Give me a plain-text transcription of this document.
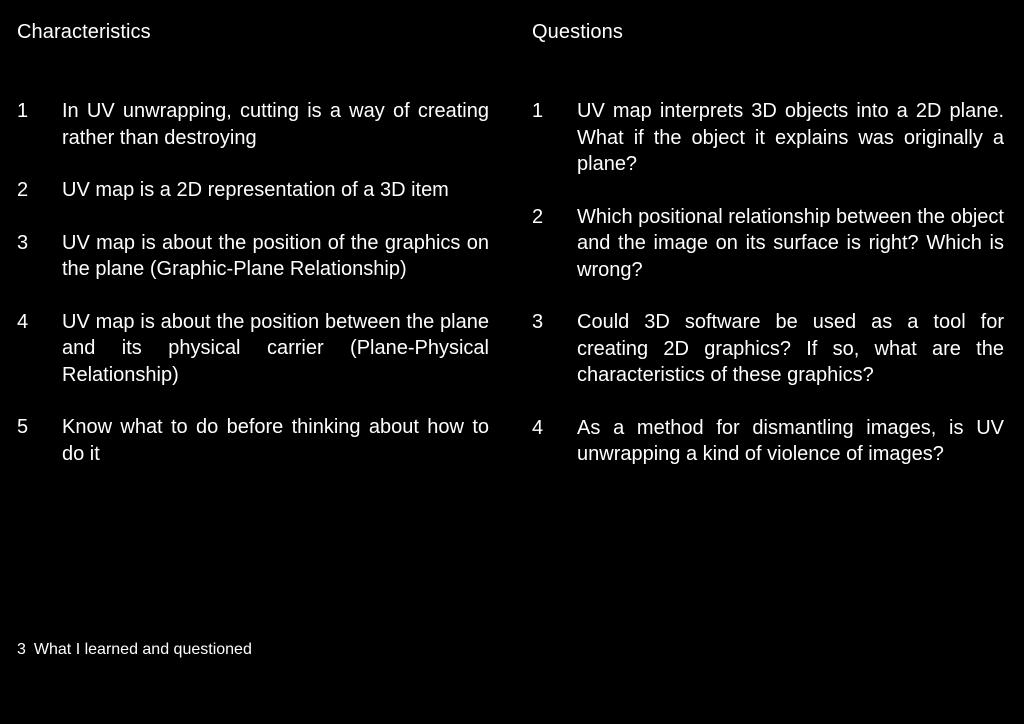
Characteristics
1	In UV unwrapping, cutting is a way of creating rather than destroying
2	UV map is a 2D representation of a 3D item
3	UV map is about the position of the graphics on the plane (Graphic-Plane Relationship)
4	UV map is about the position between the plane and its physical carrier (Plane-Physical Relationship)
5	Know what to do before thinking about how to do it
Questions
1	UV map interprets 3D objects into a 2D plane. What if the object it explains was originally a plane?
2	Which positional relationship between the object and the image on its surface is right? Which is wrong?
3	Could 3D software be used as a tool for creating 2D graphics? If so, what are the characteristics of these graphics?
4	As a method for dismantling images, is UV unwrapping a kind of violence of images?
3 What I learned and questioned
